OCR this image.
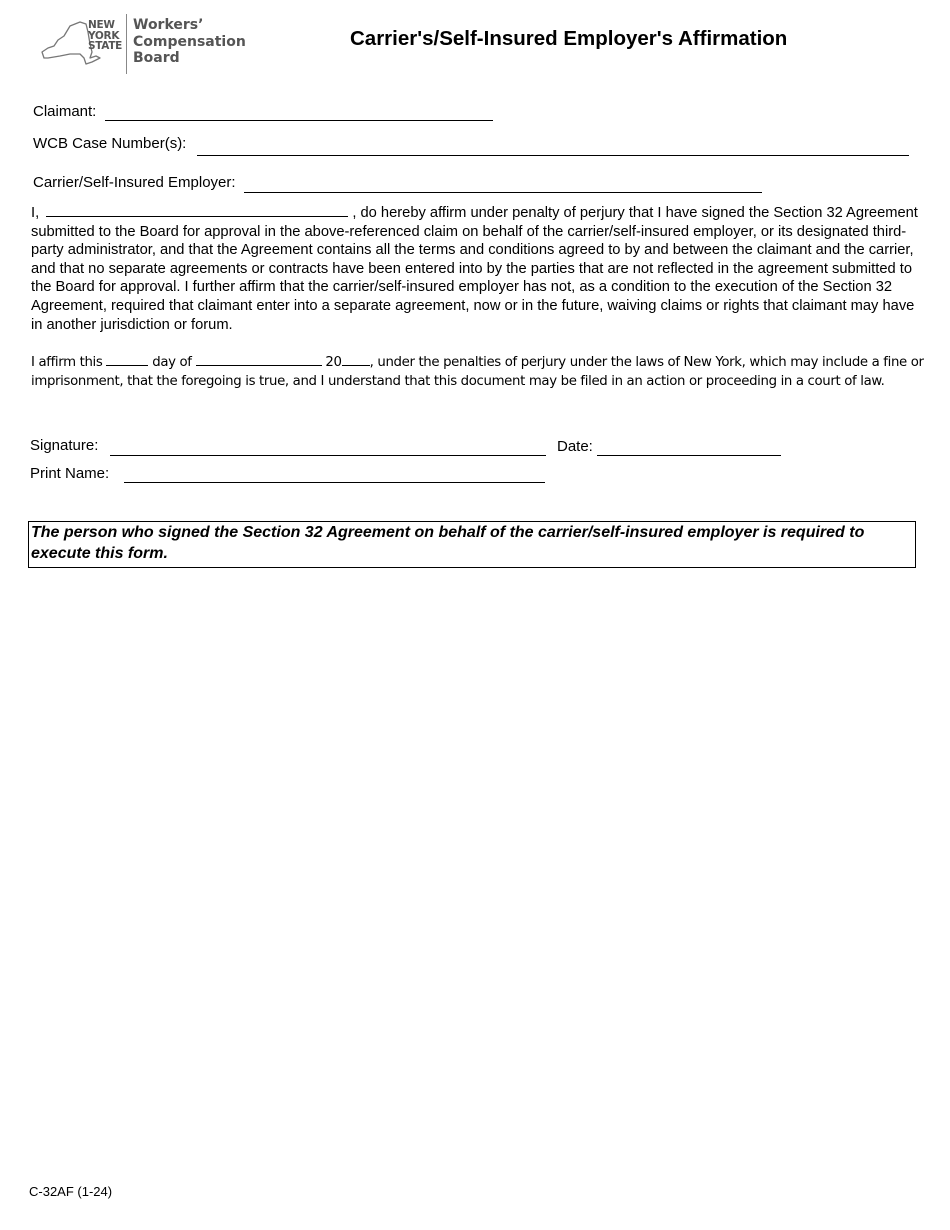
NEW
YORK
STATE
Workers’
Compensation
Board
Carrier's/Self-Insured Employer's Affirmation
Claimant:
WCB Case Number(s):
Carrier/Self-Insured Employer:
I,	, do hereby affirm under penalty of perjury that I have signed the Section 32 Agreement submitted to the Board for approval in the above-referenced claim on behalf of the carrier/self-insured employer, or its designated third-party administrator, and that the Agreement contains all the terms and conditions agreed to by and between the claimant and the carrier, and that no separate agreements or contracts have been entered into by the parties that are not reflected in the agreement submitted to the Board for approval. I further affirm that the carrier/self-insured employer has not, as a condition to the execution of the Section 32 Agreement, required that claimant enter into a separate agreement, now or in the future, waiving claims or rights that claimant may have in another jurisdiction or forum.
I affirm this	day of	20 , under the penalties of perjury under the laws of New York, which may include a fine or imprisonment, that the foregoing is true, and I understand that this document may be filed in an action or proceeding in a court of law.
Signature:	Date:
Print Name:
The person who signed the Section 32 Agreement on behalf of the carrier/self-insured employer is required to execute this form.
C-32AF (1-24)
